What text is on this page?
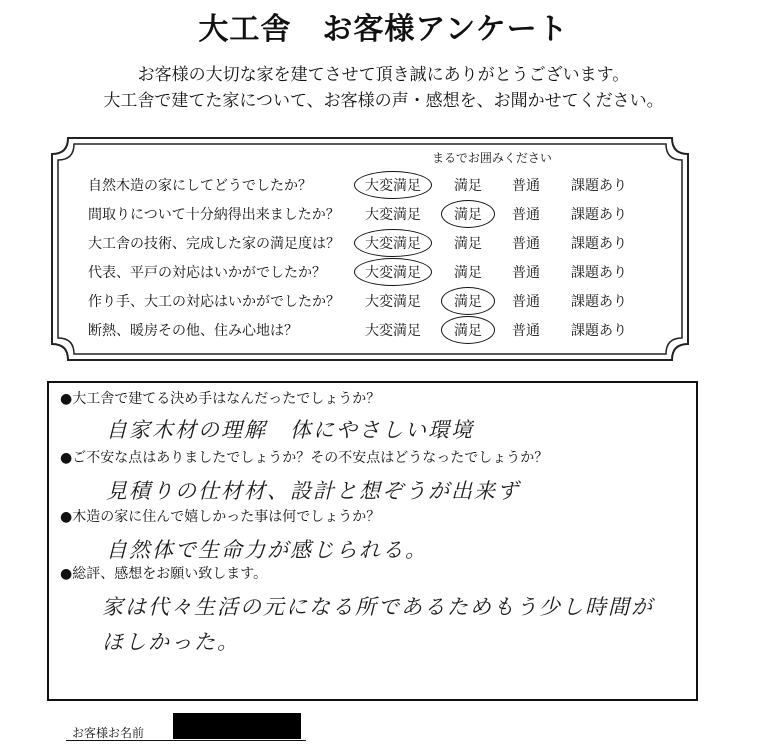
大工舎　お客様アンケート
お客様の大切な家を建てさせて頂き誠にありがとうございます。
大工舎で建てた家について、お客様の声・感想を、お聞かせてください。
まるでお囲みください
自然木造の家にしてどうでしたか？	大変満足	満足	普通	課題あり
間取りについて十分納得出来ましたか？	大変満足	満足	普通	課題あり
大工舎の技術、完成した家の満足度は？	大変満足	満足	普通	課題あり
代表、平戸の対応はいかがでしたか？	大変満足	満足	普通	課題あり
作り手、大工の対応はいかがでしたか？	大変満足	満足	普通	課題あり
断熱、暖房その他、住み心地は？	大変満足	満足	普通	課題あり
●大工舎で建てる決め手はなんだったでしょうか？
自家木材の理解　体にやさしい環境
●ご不安な点はありましたでしょうか？その不安点はどうなったでしょうか？
見積りの仕材材、設計と想ぞうが出来ず
●木造の家に住んで嬉しかった事は何でしょうか？
自然体で生命力が感じられる。
●総評、感想をお願い致します。
家は代々生活の元になる所であるためもう少し時間が
ほしかった。
お客様お名前
